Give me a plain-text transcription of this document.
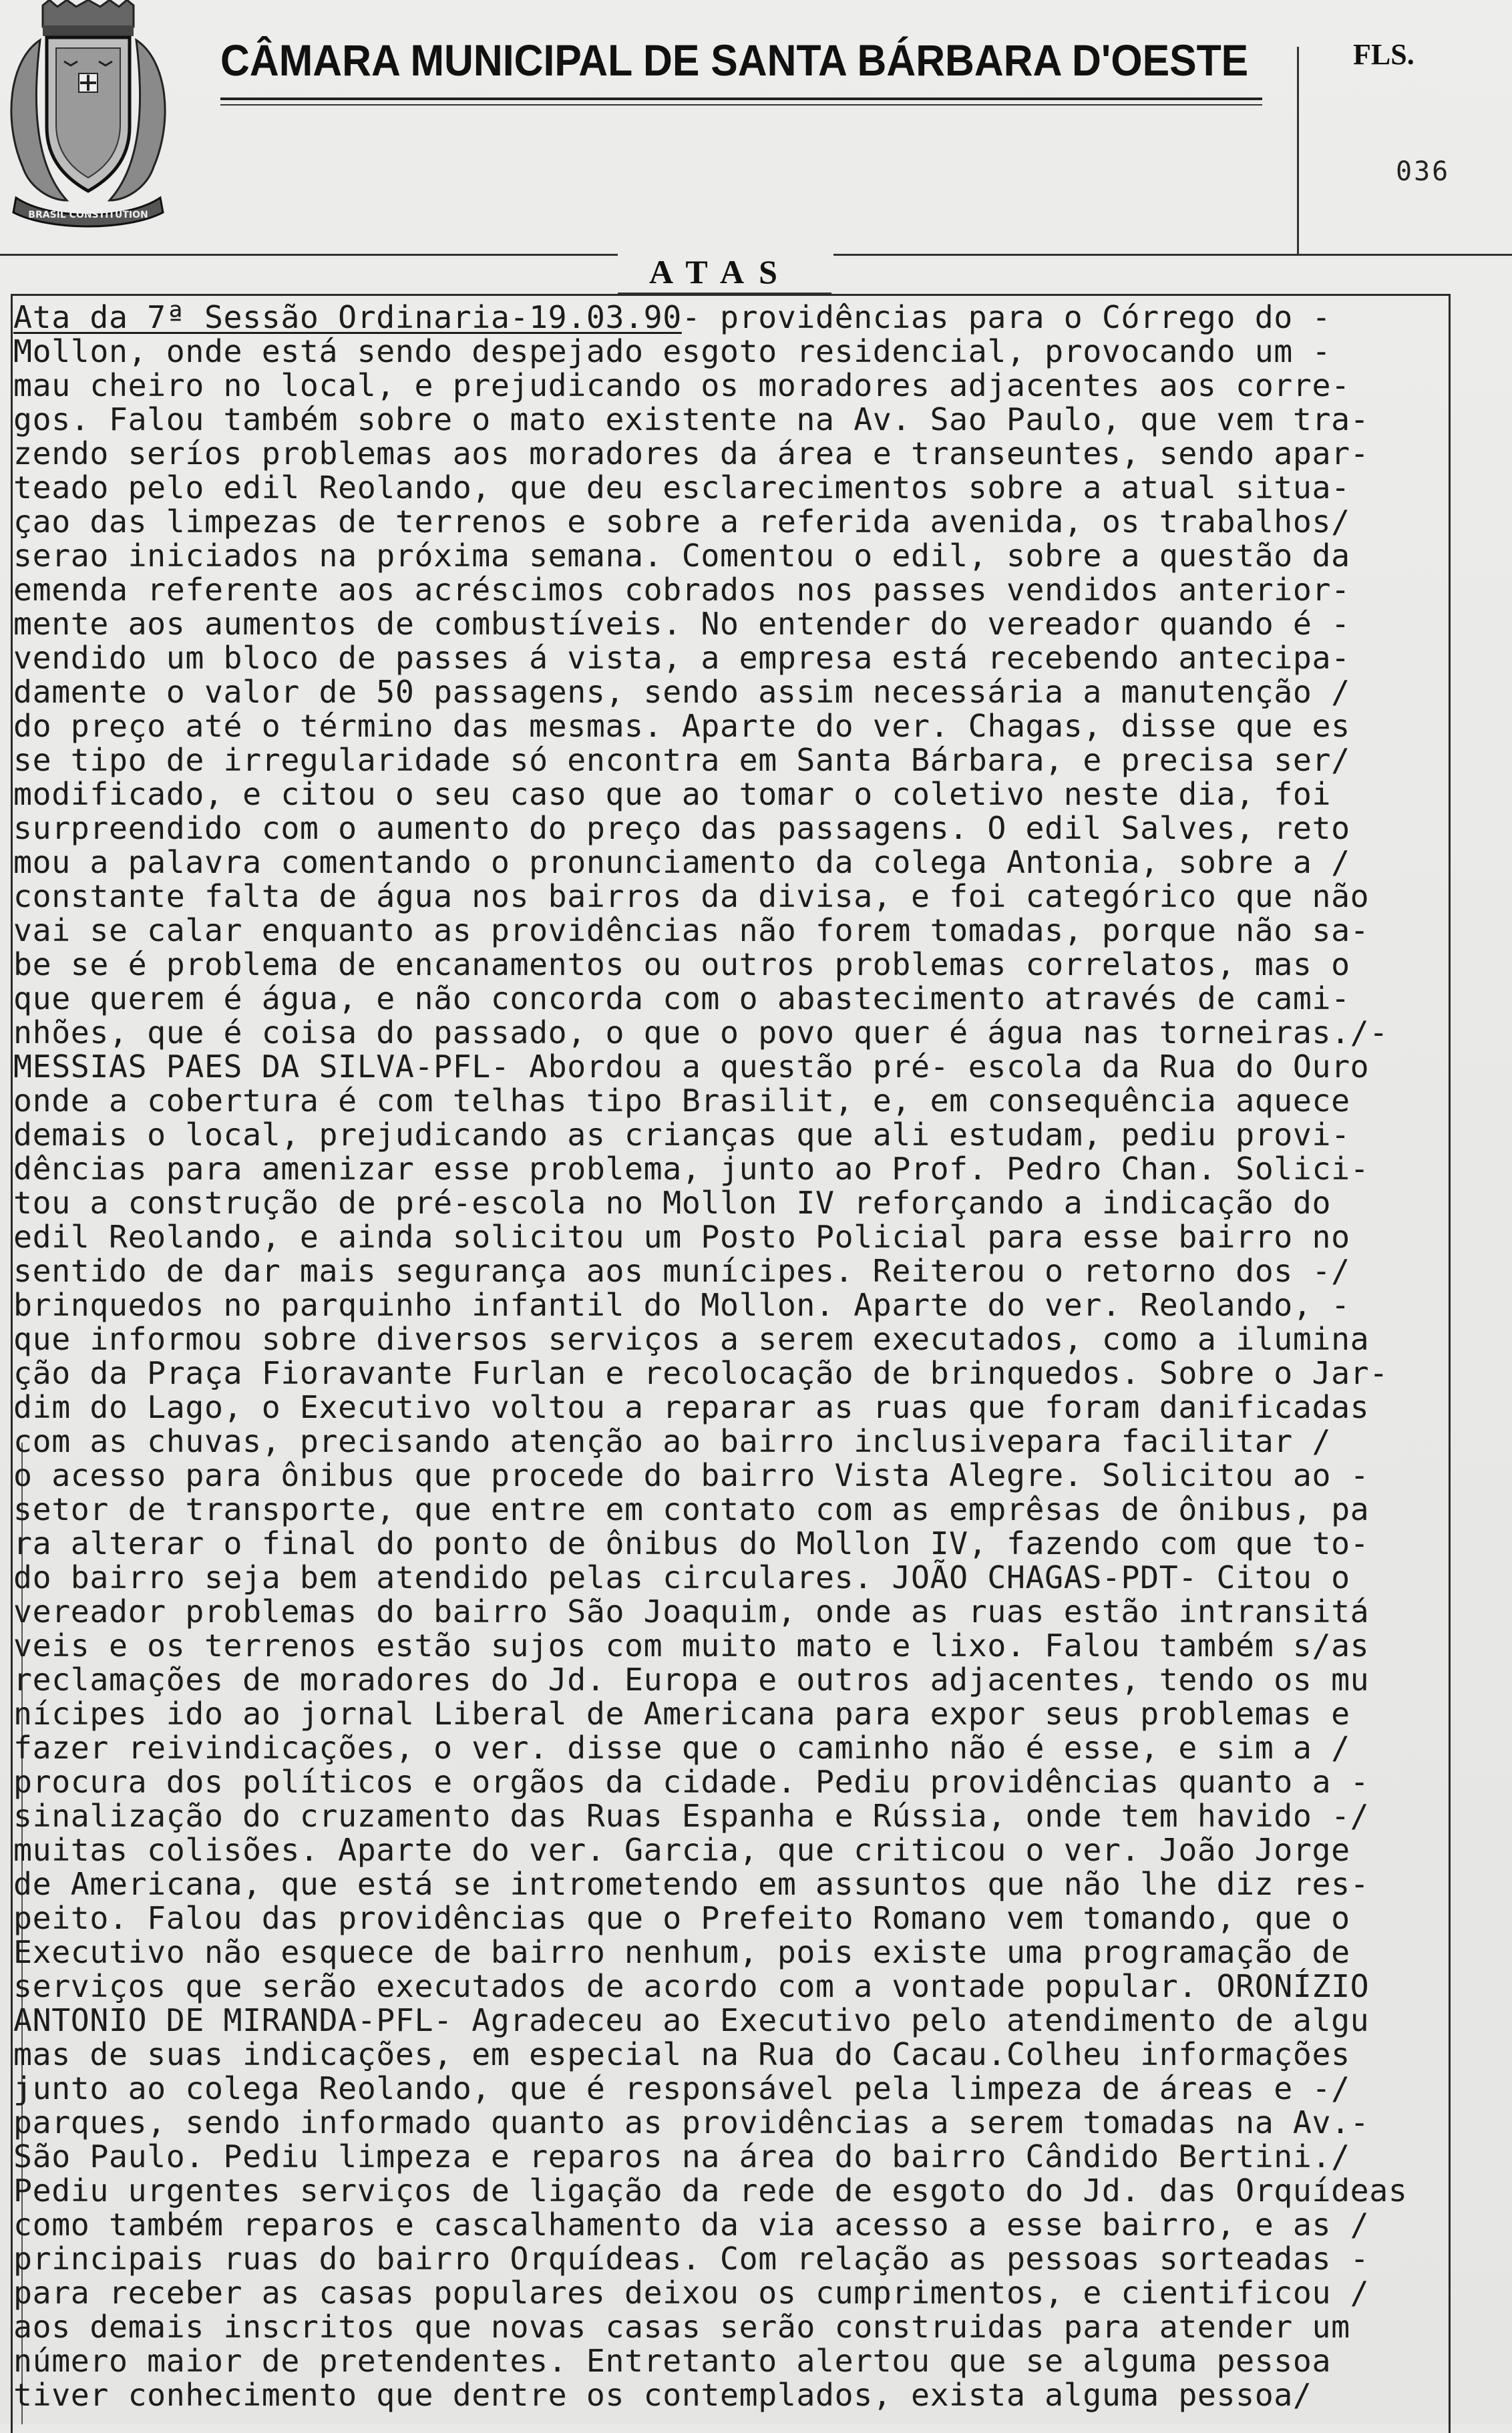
BRASIL CONSTITUTION
CÂMARA MUNICIPAL DE SANTA BÁRBARA D'OESTE	FLS.
036
ATAS
Ata da 7ª Sessão Ordinaria-19.03.90- providências para o Córrego do -
Mollon, onde está sendo despejado esgoto residencial, provocando um -
mau cheiro no local, e prejudicando os moradores adjacentes aos corre-
gos. Falou também sobre o mato existente na Av. Sao Paulo, que vem tra-
zendo seríos problemas aos moradores da área e transeuntes, sendo apar-
teado pelo edil Reolando, que deu esclarecimentos sobre a atual situa-
çao das limpezas de terrenos e sobre a referida avenida, os trabalhos/
serao iniciados na próxima semana. Comentou o edil, sobre a questão da
emenda referente aos acréscimos cobrados nos passes vendidos anterior-
mente aos aumentos de combustíveis. No entender do vereador quando é -
vendido um bloco de passes á vista, a empresa está recebendo antecipa-
damente o valor de 50 passagens, sendo assim necessária a manutenção /
do preço até o término das mesmas. Aparte do ver. Chagas, disse que es
se tipo de irregularidade só encontra em Santa Bárbara, e precisa ser/
modificado, e citou o seu caso que ao tomar o coletivo neste dia, foi
surpreendido com o aumento do preço das passagens. O edil Salves, reto
mou a palavra comentando o pronunciamento da colega Antonia, sobre a /
constante falta de água nos bairros da divisa, e foi categórico que não
vai se calar enquanto as providências não forem tomadas, porque não sa-
be se é problema de encanamentos ou outros problemas correlatos, mas o
que querem é água, e não concorda com o abastecimento através de cami-
nhões, que é coisa do passado, o que o povo quer é água nas torneiras./-
MESSIAS PAES DA SILVA-PFL- Abordou a questão pré- escola da Rua do Ouro
onde a cobertura é com telhas tipo Brasilit, e, em consequência aquece
demais o local, prejudicando as crianças que ali estudam, pediu provi-
dências para amenizar esse problema, junto ao Prof. Pedro Chan. Solici-
tou a construção de pré-escola no Mollon IV reforçando a indicação do
edil Reolando, e ainda solicitou um Posto Policial para esse bairro no
sentido de dar mais segurança aos munícipes. Reiterou o retorno dos -/
brinquedos no parquinho infantil do Mollon. Aparte do ver. Reolando, -
que informou sobre diversos serviços a serem executados, como a ilumina
ção da Praça Fioravante Furlan e recolocação de brinquedos. Sobre o Jar-
dim do Lago, o Executivo voltou a reparar as ruas que foram danificadas
com as chuvas, precisando atenção ao bairro inclusivepara facilitar /
o acesso para ônibus que procede do bairro Vista Alegre. Solicitou ao -
setor de transporte, que entre em contato com as emprêsas de ônibus, pa
ra alterar o final do ponto de ônibus do Mollon IV, fazendo com que to-
do bairro seja bem atendido pelas circulares. JOÃO CHAGAS-PDT- Citou o
vereador problemas do bairro São Joaquim, onde as ruas estão intransitá
veis e os terrenos estão sujos com muito mato e lixo. Falou também s/as
reclamações de moradores do Jd. Europa e outros adjacentes, tendo os mu
nícipes ido ao jornal Liberal de Americana para expor seus problemas e
fazer reivindicações, o ver. disse que o caminho não é esse, e sim a /
procura dos políticos e orgãos da cidade. Pediu providências quanto a -
sinalização do cruzamento das Ruas Espanha e Rússia, onde tem havido -/
muitas colisões. Aparte do ver. Garcia, que criticou o ver. João Jorge
de Americana, que está se intrometendo em assuntos que não lhe diz res-
peito. Falou das providências que o Prefeito Romano vem tomando, que o
Executivo não esquece de bairro nenhum, pois existe uma programação de
serviços que serão executados de acordo com a vontade popular. ORONÍZIO
ANTONIO DE MIRANDA-PFL- Agradeceu ao Executivo pelo atendimento de algu
mas de suas indicações, em especial na Rua do Cacau.Colheu informações
junto ao colega Reolando, que é responsável pela limpeza de áreas e -/
parques, sendo informado quanto as providências a serem tomadas na Av.-
São Paulo. Pediu limpeza e reparos na área do bairro Cândido Bertini./
Pediu urgentes serviços de ligação da rede de esgoto do Jd. das Orquídeas
como também reparos e cascalhamento da via acesso a esse bairro, e as /
principais ruas do bairro Orquídeas. Com relação as pessoas sorteadas -
para receber as casas populares deixou os cumprimentos, e cientificou /
aos demais inscritos que novas casas serão construidas para atender um
número maior de pretendentes. Entretanto alertou que se alguma pessoa
tiver conhecimento que dentre os contemplados, exista alguma pessoa/
